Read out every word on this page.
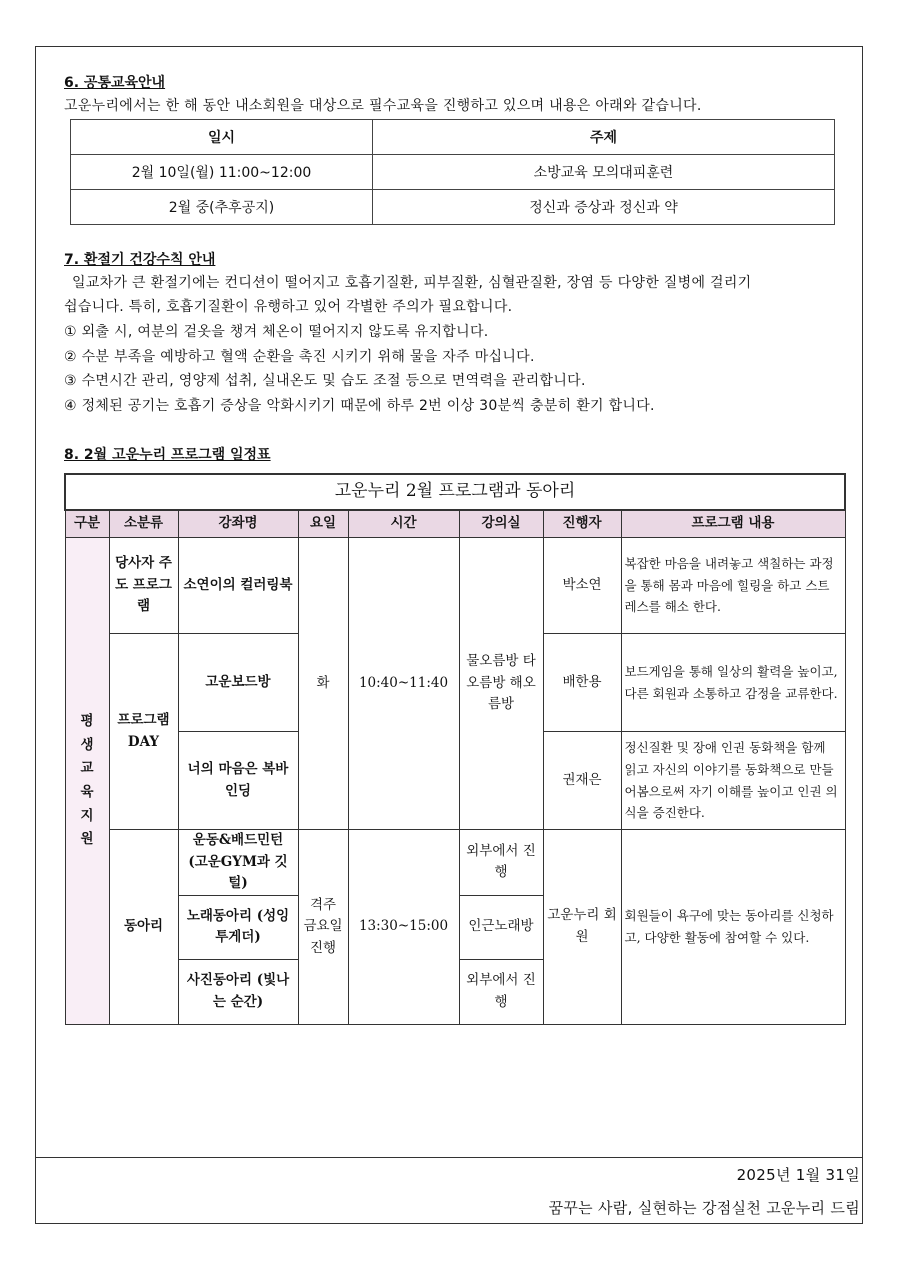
6. 공통교육안내
고운누리에서는 한 해 동안 내소회원을 대상으로 필수교육을 진행하고 있으며 내용은 아래와 같습니다.
일시	주제
2월 10일(월) 11:00~12:00	소방교육 모의대피훈련
2월 중(추후공지)	정신과 증상과 정신과 약
7. 환절기 건강수칙 안내
일교차가 큰 환절기에는 컨디션이 떨어지고 호흡기질환, 피부질환, 심혈관질환, 장염 등 다양한 질병에 걸리기
쉽습니다. 특히, 호흡기질환이 유행하고 있어 각별한 주의가 필요합니다.
① 외출 시, 여분의 겉옷을 챙겨 체온이 떨어지지 않도록 유지합니다.
② 수분 부족을 예방하고 혈액 순환을 촉진 시키기 위해 물을 자주 마십니다.
③ 수면시간 관리, 영양제 섭취, 실내온도 및 습도 조절 등으로 면역력을 관리합니다.
④ 정체된 공기는 호흡기 증상을 악화시키기 때문에 하루 2번 이상 30분씩 충분히 환기 합니다.
8. 2월 고운누리 프로그램 일정표
고운누리 2월 프로그램과 동아리							
구분	소분류	강좌명	요일	시간	강의실	진행자	프로그램 내용
평생교육지원	당사자 주도 프로그램	소연이의 컬러링북	화	10:40~11:40	물오름방 타오름방 해오름방	박소연	복잡한 마음을 내려놓고 색칠하는 과정을 통해 몸과 마음에 힐링을 하고 스트레스를 해소 한다.
	프로그램 DAY	고운보드방				배한용	보드게임을 통해 일상의 활력을 높이고, 다른 회원과 소통하고 감정을 교류한다.
		너의 마음은 복바인딩				권재은	정신질환 및 장애 인권 동화책을 함께 읽고 자신의 이야기를 동화책으로 만들어봄으로써 자기 이해를 높이고 인권 의식을 증진한다.
	동아리	운동&배드민턴 (고운GYM과 깃털)	격주 금요일 진행	13:30~15:00	외부에서 진행	고운누리 회원	회원들이 욕구에 맞는 동아리를 신청하고, 다양한 활동에 참여할 수 있다.
		노래동아리 (성잉투게더)			인근노래방		
		사진동아리 (빛나는 순간)			외부에서 진행		
2025년 1월 31일
꿈꾸는 사람, 실현하는 강점실천 고운누리 드림
